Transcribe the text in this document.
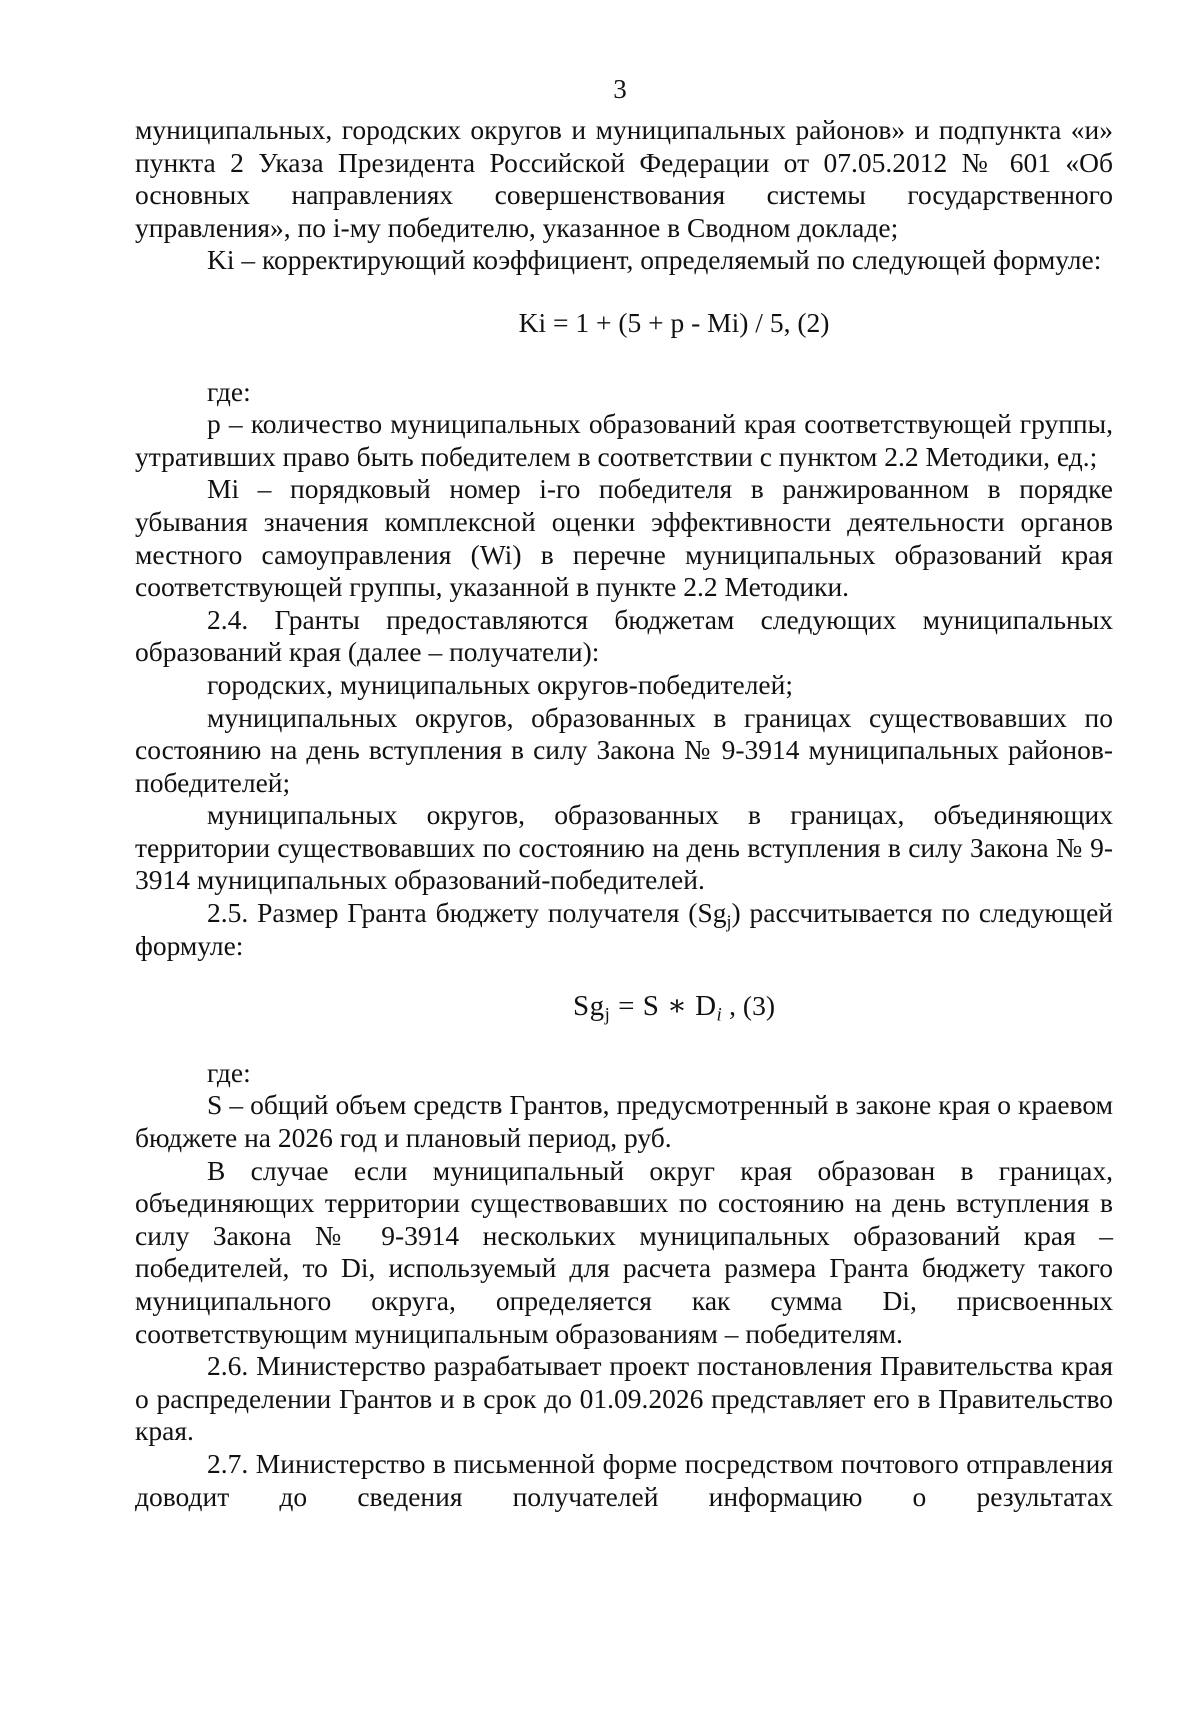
3

муниципальных, городских округов и муниципальных районов» и подпункта «и» пункта 2 Указа Президента Российской Федерации от 07.05.2012 № 601 «Об основных направлениях совершенствования системы государственного управления», по i-му победителю, указанное в Сводном докладе;

Ki – корректирующий коэффициент, определяемый по следующей формуле:

Ki = 1 + (5 + p - Mi) / 5, (2)

где:

p – количество муниципальных образований края соответствующей группы, утративших право быть победителем в соответствии с пунктом 2.2 Методики, ед.;

Mi – порядковый номер i-го победителя в ранжированном в порядке убывания значения комплексной оценки эффективности деятельности органов местного самоуправления (Wi) в перечне муниципальных образований края соответствующей группы, указанной в пункте 2.2 Методики.

2.4. Гранты предоставляются бюджетам следующих муниципальных образований края (далее – получатели):

городских, муниципальных округов-победителей;

муниципальных округов, образованных в границах существовавших по состоянию на день вступления в силу Закона № 9-3914 муниципальных районов-победителей;

муниципальных округов, образованных в границах, объединяющих территории существовавших по состоянию на день вступления в силу Закона № 9-3914 муниципальных образований-победителей.

2.5. Размер Гранта бюджету получателя $(Sg_j)$ рассчитывается по следующей формуле:

$Sg_j = S$ ∗ $D_i$ , (3)

где:

S – общий объем средств Грантов, предусмотренный в законе края о краевом бюджете на 2026 год и плановый период, руб.

В случае если муниципальный округ края образован в границах, объединяющих территории существовавших по состоянию на день вступления в силу Закона № 9-3914 нескольких муниципальных образований края – победителей, то Di, используемый для расчета размера Гранта бюджету такого муниципального округа, определяется как сумма Di, присвоенных соответствующим муниципальным образованиям – победителям.

2.6. Министерство разрабатывает проект постановления Правительства края о распределении Грантов и в срок до 01.09.2026 представляет его в Правительство края.

2.7. Министерство в письменной форме посредством почтового отправления доводит до сведения получателей информацию о результатах
